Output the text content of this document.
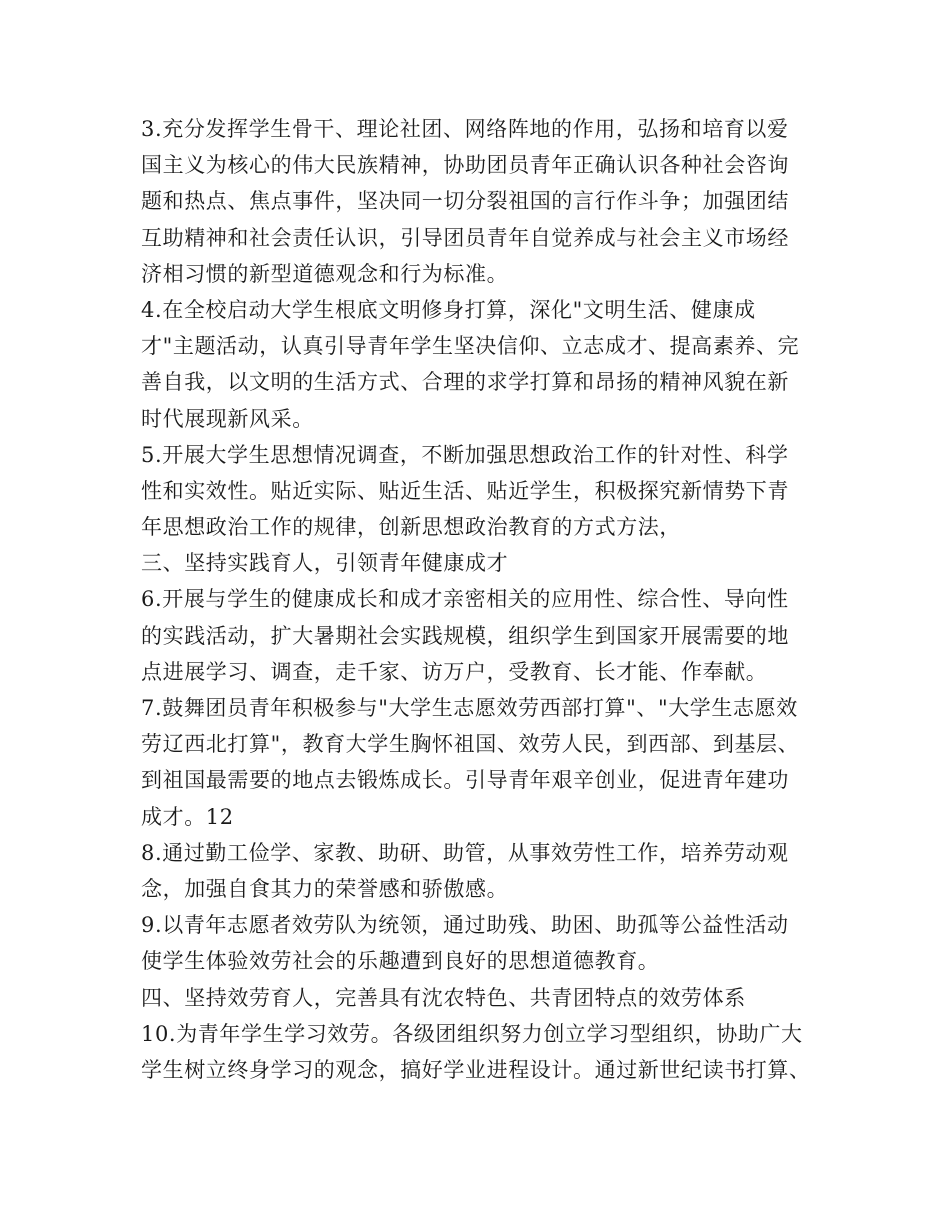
3.充分发挥学生骨干、理论社团、网络阵地的作用，弘扬和培育以爱
国主义为核心的伟大民族精神，协助团员青年正确认识各种社会咨询
题和热点、焦点事件，坚决同一切分裂祖国的言行作斗争；加强团结
互助精神和社会责任认识，引导团员青年自觉养成与社会主义市场经
济相习惯的新型道德观念和行为标准。
4.在全校启动大学生根底文明修身打算，深化"文明生活、健康成
才"主题活动，认真引导青年学生坚决信仰、立志成才、提高素养、完
善自我，以文明的生活方式、合理的求学打算和昂扬的精神风貌在新
时代展现新风采。
5.开展大学生思想情况调查，不断加强思想政治工作的针对性、科学
性和实效性。贴近实际、贴近生活、贴近学生，积极探究新情势下青
年思想政治工作的规律，创新思想政治教育的方式方法，
三、坚持实践育人，引领青年健康成才
6.开展与学生的健康成长和成才亲密相关的应用性、综合性、导向性
的实践活动，扩大暑期社会实践规模，组织学生到国家开展需要的地
点进展学习、调查，走千家、访万户，受教育、长才能、作奉献。
7.鼓舞团员青年积极参与"大学生志愿效劳西部打算"、"大学生志愿效
劳辽西北打算"，教育大学生胸怀祖国、效劳人民，到西部、到基层、
到祖国最需要的地点去锻炼成长。引导青年艰辛创业，促进青年建功
成才。12
8.通过勤工俭学、家教、助研、助管，从事效劳性工作，培养劳动观
念，加强自食其力的荣誉感和骄傲感。
9.以青年志愿者效劳队为统领，通过助残、助困、助孤等公益性活动
使学生体验效劳社会的乐趣遭到良好的思想道德教育。
四、坚持效劳育人，完善具有沈农特色、共青团特点的效劳体系
10.为青年学生学习效劳。各级团组织努力创立学习型组织，协助广大
学生树立终身学习的观念，搞好学业进程设计。通过新世纪读书打算、
